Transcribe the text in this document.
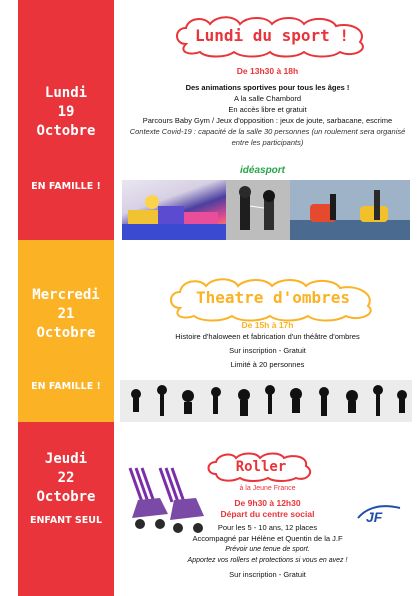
Lundi
19
Octobre
EN FAMILLE !
Mercredi
21
Octobre
EN FAMILLE !
Jeudi
22
Octobre
ENFANT SEUL
Lundi du sport !
De 13h30 à 18h
Des animations sportives pour tous les âges !
A la salle Chambord
En accès libre et gratuit
Parcours Baby Gym / Jeux d'opposition : jeux de joute, sarbacane, escrime
Contexte Covid-19 : capacité de la salle 30 personnes (un roulement sera organisé entre les participants)
idéasport
Theatre d'ombres
De 15h à 17h
Histoire d'haloween et fabrication d'un théâtre d'ombres
Sur inscription - Gratuit
Limité à 20 personnes
Roller
à la Jeune France
De 9h30 à 12h30
Départ du centre social
Pour les 5 - 10 ans, 12 places
Accompagné par Hélène et Quentin de la J.F
Prévoir une tenue de sport.
Apportez vos rollers et protections si vous en avez !
Sur inscription - Gratuit
JF
